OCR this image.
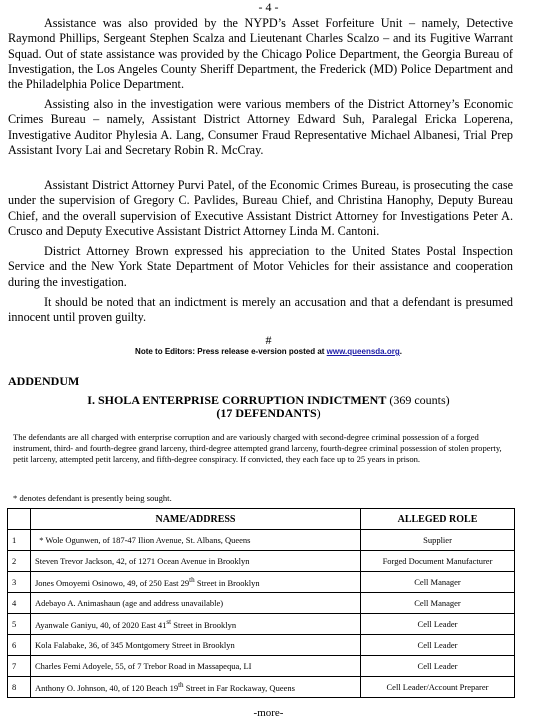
- 4 -

Assistance was also provided by the NYPD’s Asset Forfeiture Unit – namely, Detective Raymond Phillips, Sergeant Stephen Scalza and Lieutenant Charles Scalzo – and its Fugitive Warrant Squad. Out of state assistance was provided by the Chicago Police Department, the Georgia Bureau of Investigation, the Los Angeles County Sheriff Department, the Frederick (MD) Police Department and the Philadelphia Police Department.

Assisting also in the investigation were various members of the District Attorney’s Economic Crimes Bureau – namely, Assistant District Attorney Edward Suh, Paralegal Ericka Loperena, Investigative Auditor Phylesia A. Lang, Consumer Fraud Representative Michael Albanesi, Trial Prep Assistant Ivory Lai and Secretary Robin R. McCray.

Assistant District Attorney Purvi Patel, of the Economic Crimes Bureau, is prosecuting the case under the supervision of Gregory C. Pavlides, Bureau Chief, and Christina Hanophy, Deputy Bureau Chief, and the overall supervision of Executive Assistant District Attorney for Investigations Peter A. Crusco and Deputy Executive Assistant District Attorney Linda M. Cantoni.

District Attorney Brown expressed his appreciation to the United States Postal Inspection Service and the New York State Department of Motor Vehicles for their assistance and cooperation during the investigation.

It should be noted that an indictment is merely an accusation and that a defendant is presumed innocent until proven guilty.

#
Note to Editors: Press release e-version posted at www.queensda.org.
ADDENDUM
I. SHOLA ENTERPRISE CORRUPTION INDICTMENT (369 counts)
(17 DEFENDANTS)

The defendants are all charged with enterprise corruption and are variously charged with second-degree criminal possession of a forged instrument, third- and fourth-degree grand larceny, third-degree attempted grand larceny, fourth-degree criminal possession of stolen property, petit larceny, attempted petit larceny, and fifth-degree conspiracy. If convicted, they each face up to 25 years in prison.

* denotes defendant is presently being sought.

	NAME/ADDRESS	ALLEGED ROLE
1	* Wole Ogunwen, of 187-47 Ilion Avenue, St. Albans, Queens	Supplier
2	Steven Trevor Jackson, 42, of 1271 Ocean Avenue in Brooklyn	Forged Document Manufacturer
3	Jones Omoyemi Osinowo, 49, of 250 East 29th Street in Brooklyn	Cell Manager
4	Adebayo A. Animashaun (age and address unavailable)	Cell Manager
5	Ayanwale Ganiyu, 40, of 2020 East 41st Street in Brooklyn	Cell Leader
6	Kola Falabake, 36, of 345 Montgomery Street in Brooklyn	Cell Leader
7	Charles Femi Adoyele, 55, of 7 Trebor Road in Massapequa, LI	Cell Leader
8	Anthony O. Johnson, 40, of 120 Beach 19th Street in Far Rockaway, Queens	Cell Leader/Account Preparer
-more-
